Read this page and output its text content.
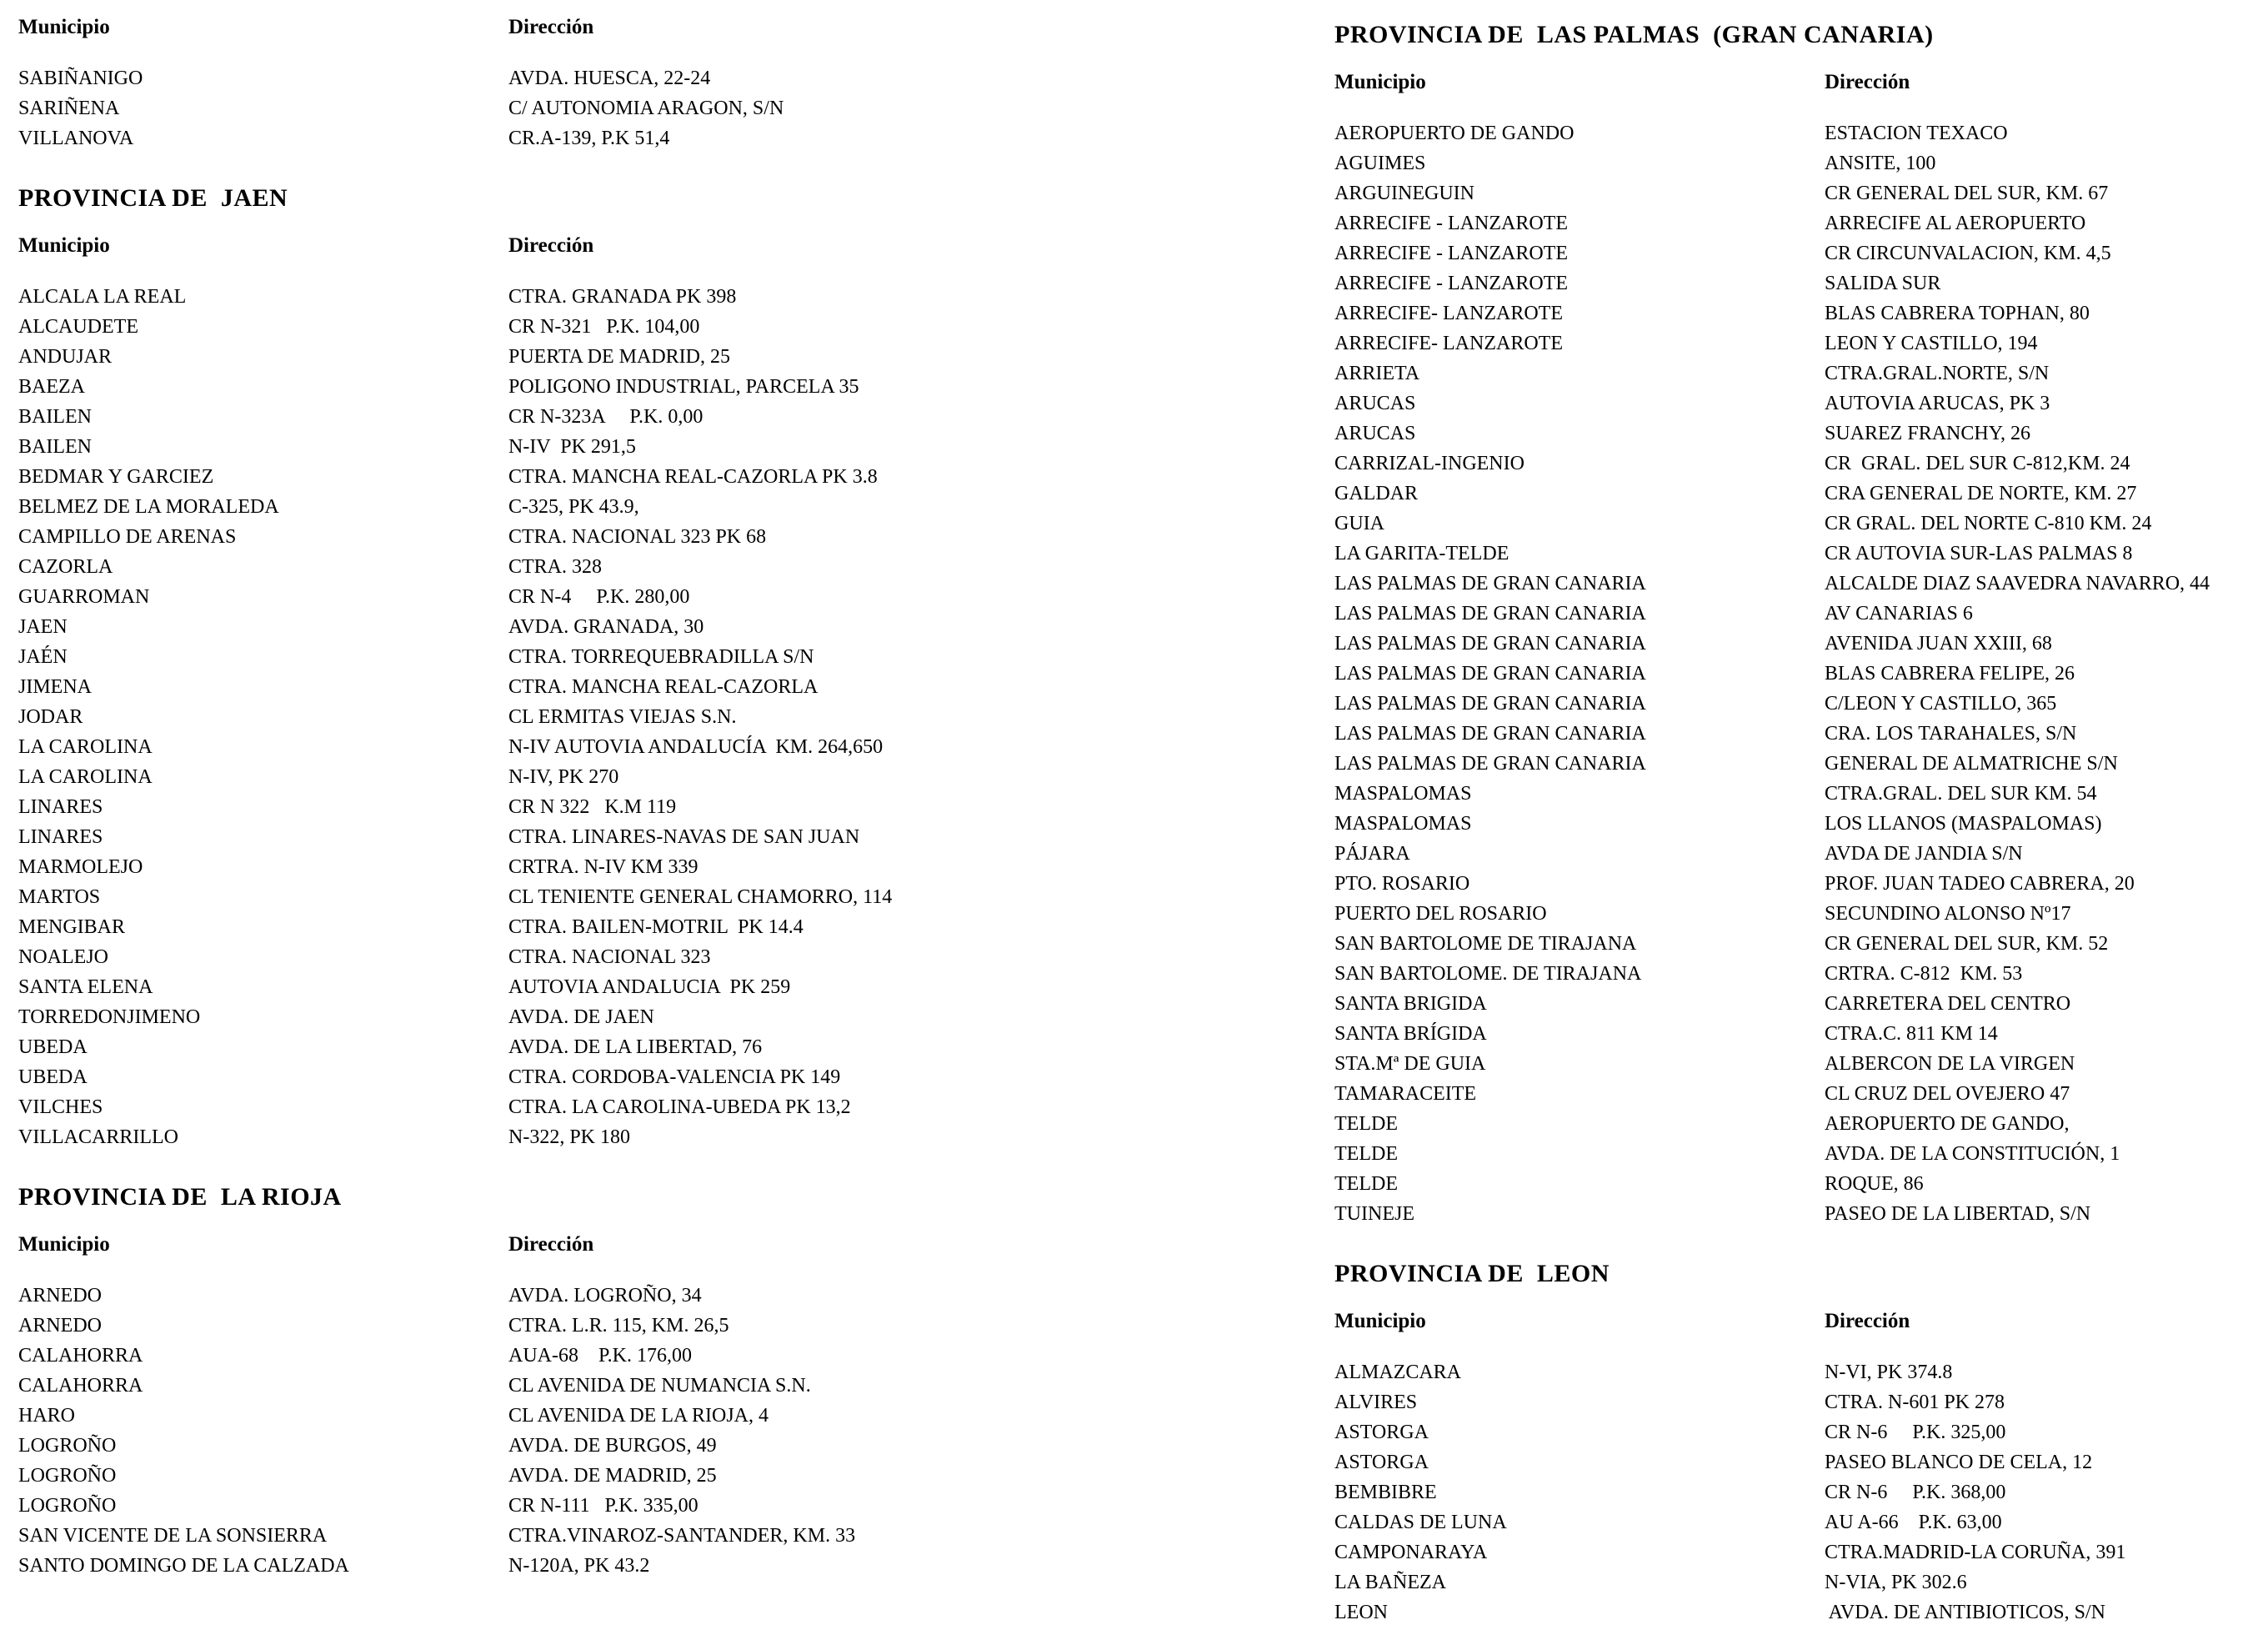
Municipio	Dirección
SABIÑANIGO	AVDA. HUESCA, 22-24
SARIÑENA	C/ AUTONOMIA ARAGON, S/N
VILLANOVA	CR.A-139, P.K 51,4
PROVINCIA DE  JAEN
Municipio	Dirección
ALCALA LA REAL	CTRA. GRANADA PK 398
ALCAUDETE	CR N-321   P.K. 104,00
ANDUJAR	PUERTA DE MADRID, 25
BAEZA	POLIGONO INDUSTRIAL, PARCELA 35
BAILEN	CR N-323A     P.K. 0,00
BAILEN	N-IV  PK 291,5
BEDMAR Y GARCIEZ	CTRA. MANCHA REAL-CAZORLA PK 3.8
BELMEZ DE LA MORALEDA	C-325, PK 43.9,
CAMPILLO DE ARENAS	CTRA. NACIONAL 323 PK 68
CAZORLA	CTRA. 328
GUARROMAN	CR N-4     P.K. 280,00
JAEN	AVDA. GRANADA, 30
JAÉN	CTRA. TORREQUEBRADILLA S/N
JIMENA	CTRA. MANCHA REAL-CAZORLA
JODAR	CL ERMITAS VIEJAS S.N.
LA CAROLINA	N-IV AUTOVIA ANDALUCÍA  KM. 264,650
LA CAROLINA	N-IV, PK 270
LINARES	CR N 322   K.M 119
LINARES	CTRA. LINARES-NAVAS DE SAN JUAN
MARMOLEJO	CRTRA. N-IV KM 339
MARTOS	CL TENIENTE GENERAL CHAMORRO, 114
MENGIBAR	CTRA. BAILEN-MOTRIL  PK 14.4
NOALEJO	CTRA. NACIONAL 323
SANTA ELENA	AUTOVIA ANDALUCIA  PK 259
TORREDONJIMENO	AVDA. DE JAEN
UBEDA	AVDA. DE LA LIBERTAD, 76
UBEDA	CTRA. CORDOBA-VALENCIA PK 149
VILCHES	CTRA. LA CAROLINA-UBEDA PK 13,2
VILLACARRILLO	N-322, PK 180
PROVINCIA DE  LA RIOJA
Municipio	Dirección
ARNEDO	AVDA. LOGROÑO, 34
ARNEDO	CTRA. L.R. 115, KM. 26,5
CALAHORRA	AUA-68    P.K. 176,00
CALAHORRA	CL AVENIDA DE NUMANCIA S.N.
HARO	CL AVENIDA DE LA RIOJA, 4
LOGROÑO	AVDA. DE BURGOS, 49
LOGROÑO	AVDA. DE MADRID, 25
LOGROÑO	CR N-111   P.K. 335,00
SAN VICENTE DE LA SONSIERRA	CTRA.VINAROZ-SANTANDER, KM. 33
SANTO DOMINGO DE LA CALZADA	N-120A, PK 43.2
PROVINCIA DE  LAS PALMAS  (GRAN CANARIA)
Municipio	Dirección
AEROPUERTO DE GANDO	ESTACION TEXACO
AGUIMES	ANSITE, 100
ARGUINEGUIN	CR GENERAL DEL SUR, KM. 67
ARRECIFE - LANZAROTE	ARRECIFE AL AEROPUERTO
ARRECIFE - LANZAROTE	CR CIRCUNVALACION, KM. 4,5
ARRECIFE - LANZAROTE	SALIDA SUR
ARRECIFE- LANZAROTE	BLAS CABRERA TOPHAN, 80
ARRECIFE- LANZAROTE	LEON Y CASTILLO, 194
ARRIETA	CTRA.GRAL.NORTE, S/N
ARUCAS	AUTOVIA ARUCAS, PK 3
ARUCAS	SUAREZ FRANCHY, 26
CARRIZAL-INGENIO	CR  GRAL. DEL SUR C-812,KM. 24
GALDAR	CRA GENERAL DE NORTE, KM. 27
GUIA	CR GRAL. DEL NORTE C-810 KM. 24
LA GARITA-TELDE	CR AUTOVIA SUR-LAS PALMAS 8
LAS PALMAS DE GRAN CANARIA	ALCALDE DIAZ SAAVEDRA NAVARRO, 44
LAS PALMAS DE GRAN CANARIA	AV CANARIAS 6
LAS PALMAS DE GRAN CANARIA	AVENIDA JUAN XXIII, 68
LAS PALMAS DE GRAN CANARIA	BLAS CABRERA FELIPE, 26
LAS PALMAS DE GRAN CANARIA	C/LEON Y CASTILLO, 365
LAS PALMAS DE GRAN CANARIA	CRA. LOS TARAHALES, S/N
LAS PALMAS DE GRAN CANARIA	GENERAL DE ALMATRICHE S/N
MASPALOMAS	CTRA.GRAL. DEL SUR KM. 54
MASPALOMAS	LOS LLANOS (MASPALOMAS)
PÁJARA	AVDA DE JANDIA S/N
PTO. ROSARIO	PROF. JUAN TADEO CABRERA, 20
PUERTO DEL ROSARIO	SECUNDINO ALONSO Nº17
SAN BARTOLOME DE TIRAJANA	CR GENERAL DEL SUR, KM. 52
SAN BARTOLOME. DE TIRAJANA	CRTRA. C-812  KM. 53
SANTA BRIGIDA	CARRETERA DEL CENTRO
SANTA BRÍGIDA	CTRA.C. 811 KM 14
STA.Mª DE GUIA	ALBERCON DE LA VIRGEN
TAMARACEITE	CL CRUZ DEL OVEJERO 47
TELDE	AEROPUERTO DE GANDO,
TELDE	AVDA. DE LA CONSTITUCIÓN, 1
TELDE	ROQUE, 86
TUINEJE	PASEO DE LA LIBERTAD, S/N
PROVINCIA DE  LEON
Municipio	Dirección
ALMAZCARA	N-VI, PK 374.8
ALVIRES	CTRA. N-601 PK 278
ASTORGA	CR N-6     P.K. 325,00
ASTORGA	PASEO BLANCO DE CELA, 12
BEMBIBRE	CR N-6     P.K. 368,00
CALDAS DE LUNA	AU A-66    P.K. 63,00
CAMPONARAYA	CTRA.MADRID-LA CORUÑA, 391
LA BAÑEZA	N-VIA, PK 302.6
LEON	AVDA. DE ANTIBIOTICOS, S/N
